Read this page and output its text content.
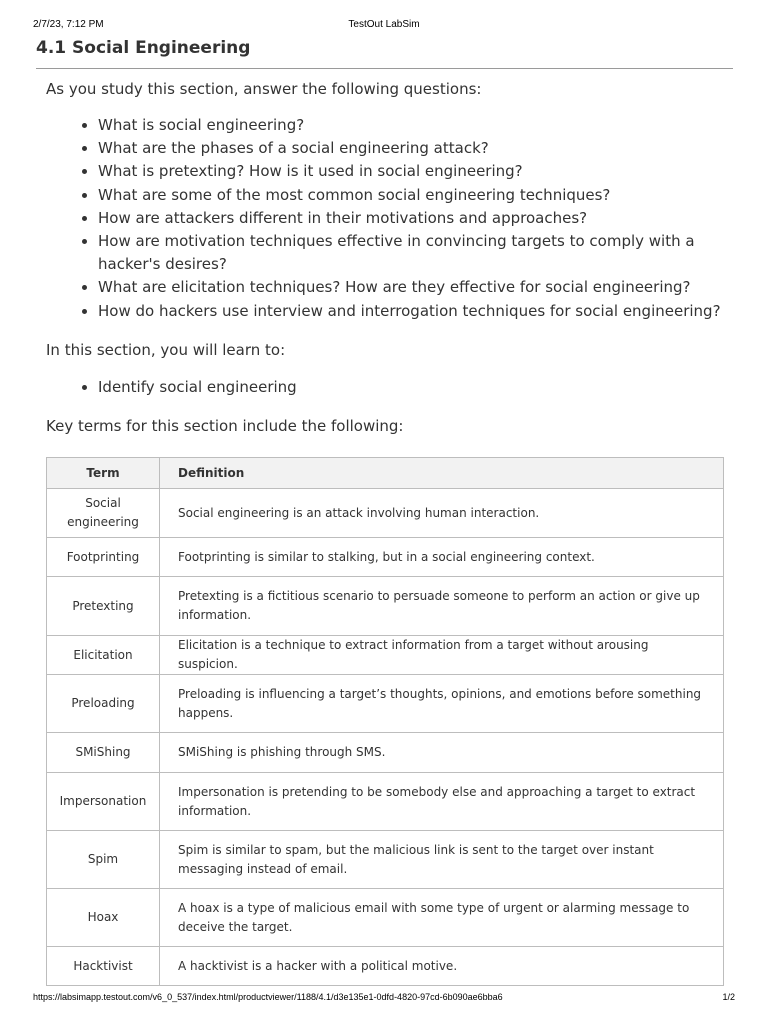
2/7/23, 7:12 PM	TestOut LabSim
4.1 Social Engineering

As you study this section, answer the following questions:

• What is social engineering?
• What are the phases of a social engineering attack?
• What is pretexting? How is it used in social engineering?
• What are some of the most common social engineering techniques?
• How are attackers different in their motivations and approaches?
• How are motivation techniques effective in convincing targets to comply with a hacker's desires?
• What are elicitation techniques? How are they effective for social engineering?
• How do hackers use interview and interrogation techniques for social engineering?

In this section, you will learn to:

• Identify social engineering

Key terms for this section include the following:

Term	Definition
Social engineering	Social engineering is an attack involving human interaction.
Footprinting	Footprinting is similar to stalking, but in a social engineering context.
Pretexting	Pretexting is a fictitious scenario to persuade someone to perform an action or give up information.
Elicitation	Elicitation is a technique to extract information from a target without arousing suspicion.
Preloading	Preloading is influencing a target’s thoughts, opinions, and emotions before something happens.
SMiShing	SMiShing is phishing through SMS.
Impersonation	Impersonation is pretending to be somebody else and approaching a target to extract information.
Spim	Spim is similar to spam, but the malicious link is sent to the target over instant messaging instead of email.
Hoax	A hoax is a type of malicious email with some type of urgent or alarming message to deceive the target.
Hacktivist	A hacktivist is a hacker with a political motive.
https://labsimapp.testout.com/v6_0_537/index.html/productviewer/1188/4.1/d3e135e1-0dfd-4820-97cd-6b090ae6bba6	1/2
